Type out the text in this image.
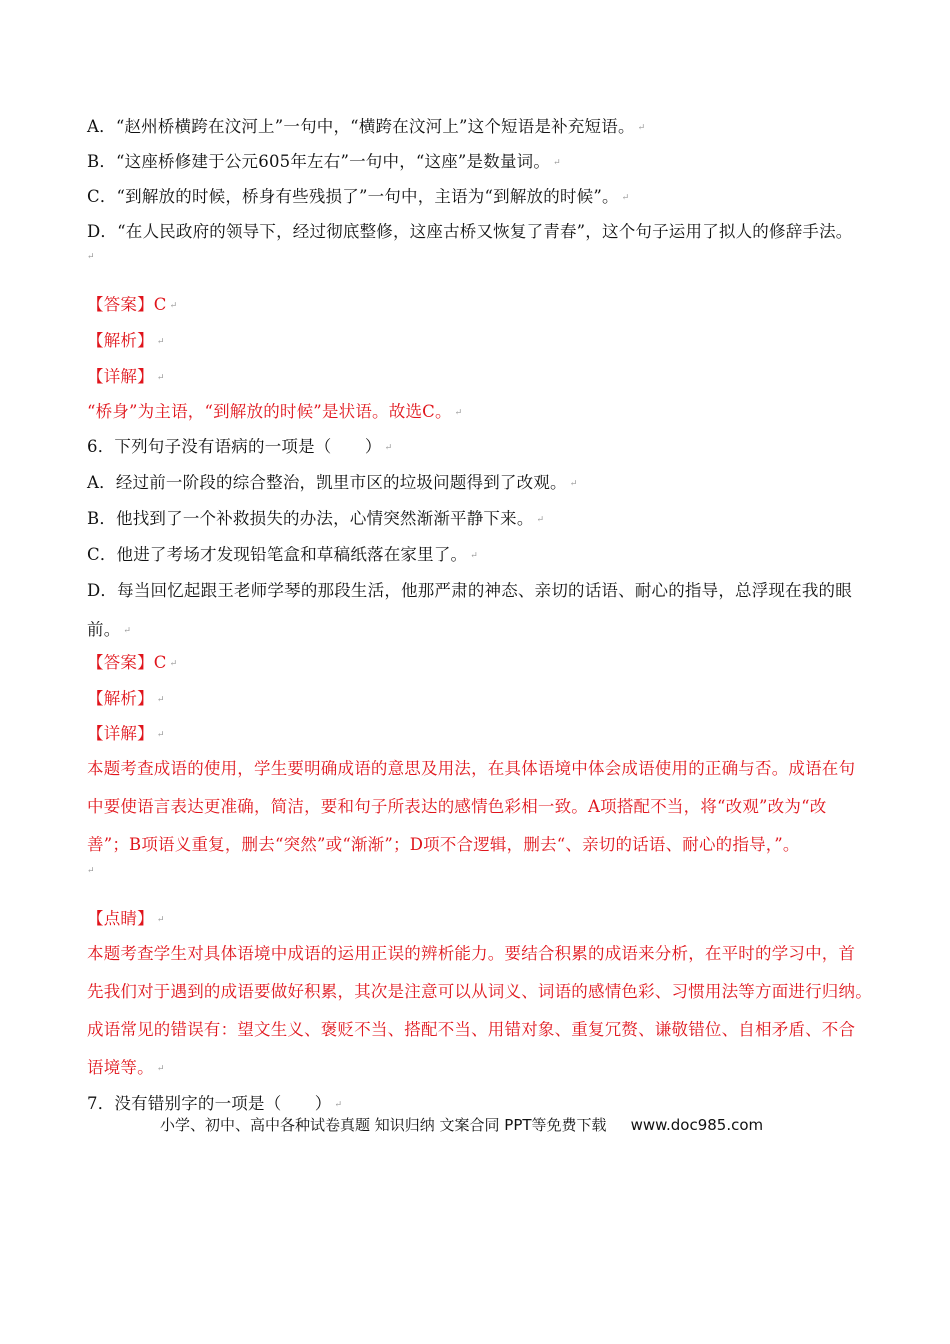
A．“赵州桥横跨在汶河上”一句中，“横跨在汶河上”这个短语是补充短语。 ↵
B．“这座桥修建于公元605年左右”一句中，“这座”是数量词。 ↵
C．“到解放的时候，桥身有些残损了”一句中，主语为“到解放的时候”。 ↵
D．“在人民政府的领导下，经过彻底整修，这座古桥又恢复了青春”，这个句子运用了拟人的修辞手法。
↵
【答案】C ↵
【解析】 ↵
【详解】 ↵
“桥身”为主语，“到解放的时候”是状语。故选C。 ↵
6．下列句子没有语病的一项是（　　） ↵
A．经过前一阶段的综合整治，凯里市区的垃圾问题得到了改观。 ↵
B．他找到了一个补救损失的办法，心情突然渐渐平静下来。 ↵
C．他进了考场才发现铅笔盒和草稿纸落在家里了。 ↵
D．每当回忆起跟王老师学琴的那段生活，他那严肃的神态、亲切的话语、耐心的指导，总浮现在我的眼
前。 ↵
【答案】C ↵
【解析】 ↵
【详解】 ↵
本题考查成语的使用，学生要明确成语的意思及用法，在具体语境中体会成语使用的正确与否。成语在句
中要使语言表达更准确，简洁，要和句子所表达的感情色彩相一致。A项搭配不当，将“改观”改为“改
善”；B项语义重复，删去“突然”或“渐渐”；D项不合逻辑，删去“、亲切的话语、耐心的指导，”。
↵
【点睛】 ↵
本题考查学生对具体语境中成语的运用正误的辨析能力。要结合积累的成语来分析，在平时的学习中，首
先我们对于遇到的成语要做好积累，其次是注意可以从词义、词语的感情色彩、习惯用法等方面进行归纳。
成语常见的错误有：望文生义、褒贬不当、搭配不当、用错对象、重复冗赘、谦敬错位、自相矛盾、不合
语境等。 ↵
7．没有错别字的一项是（　　） ↵
小学、初中、高中各种试卷真题 知识归纳 文案合同 PPT等免费下载 www.doc985.com
